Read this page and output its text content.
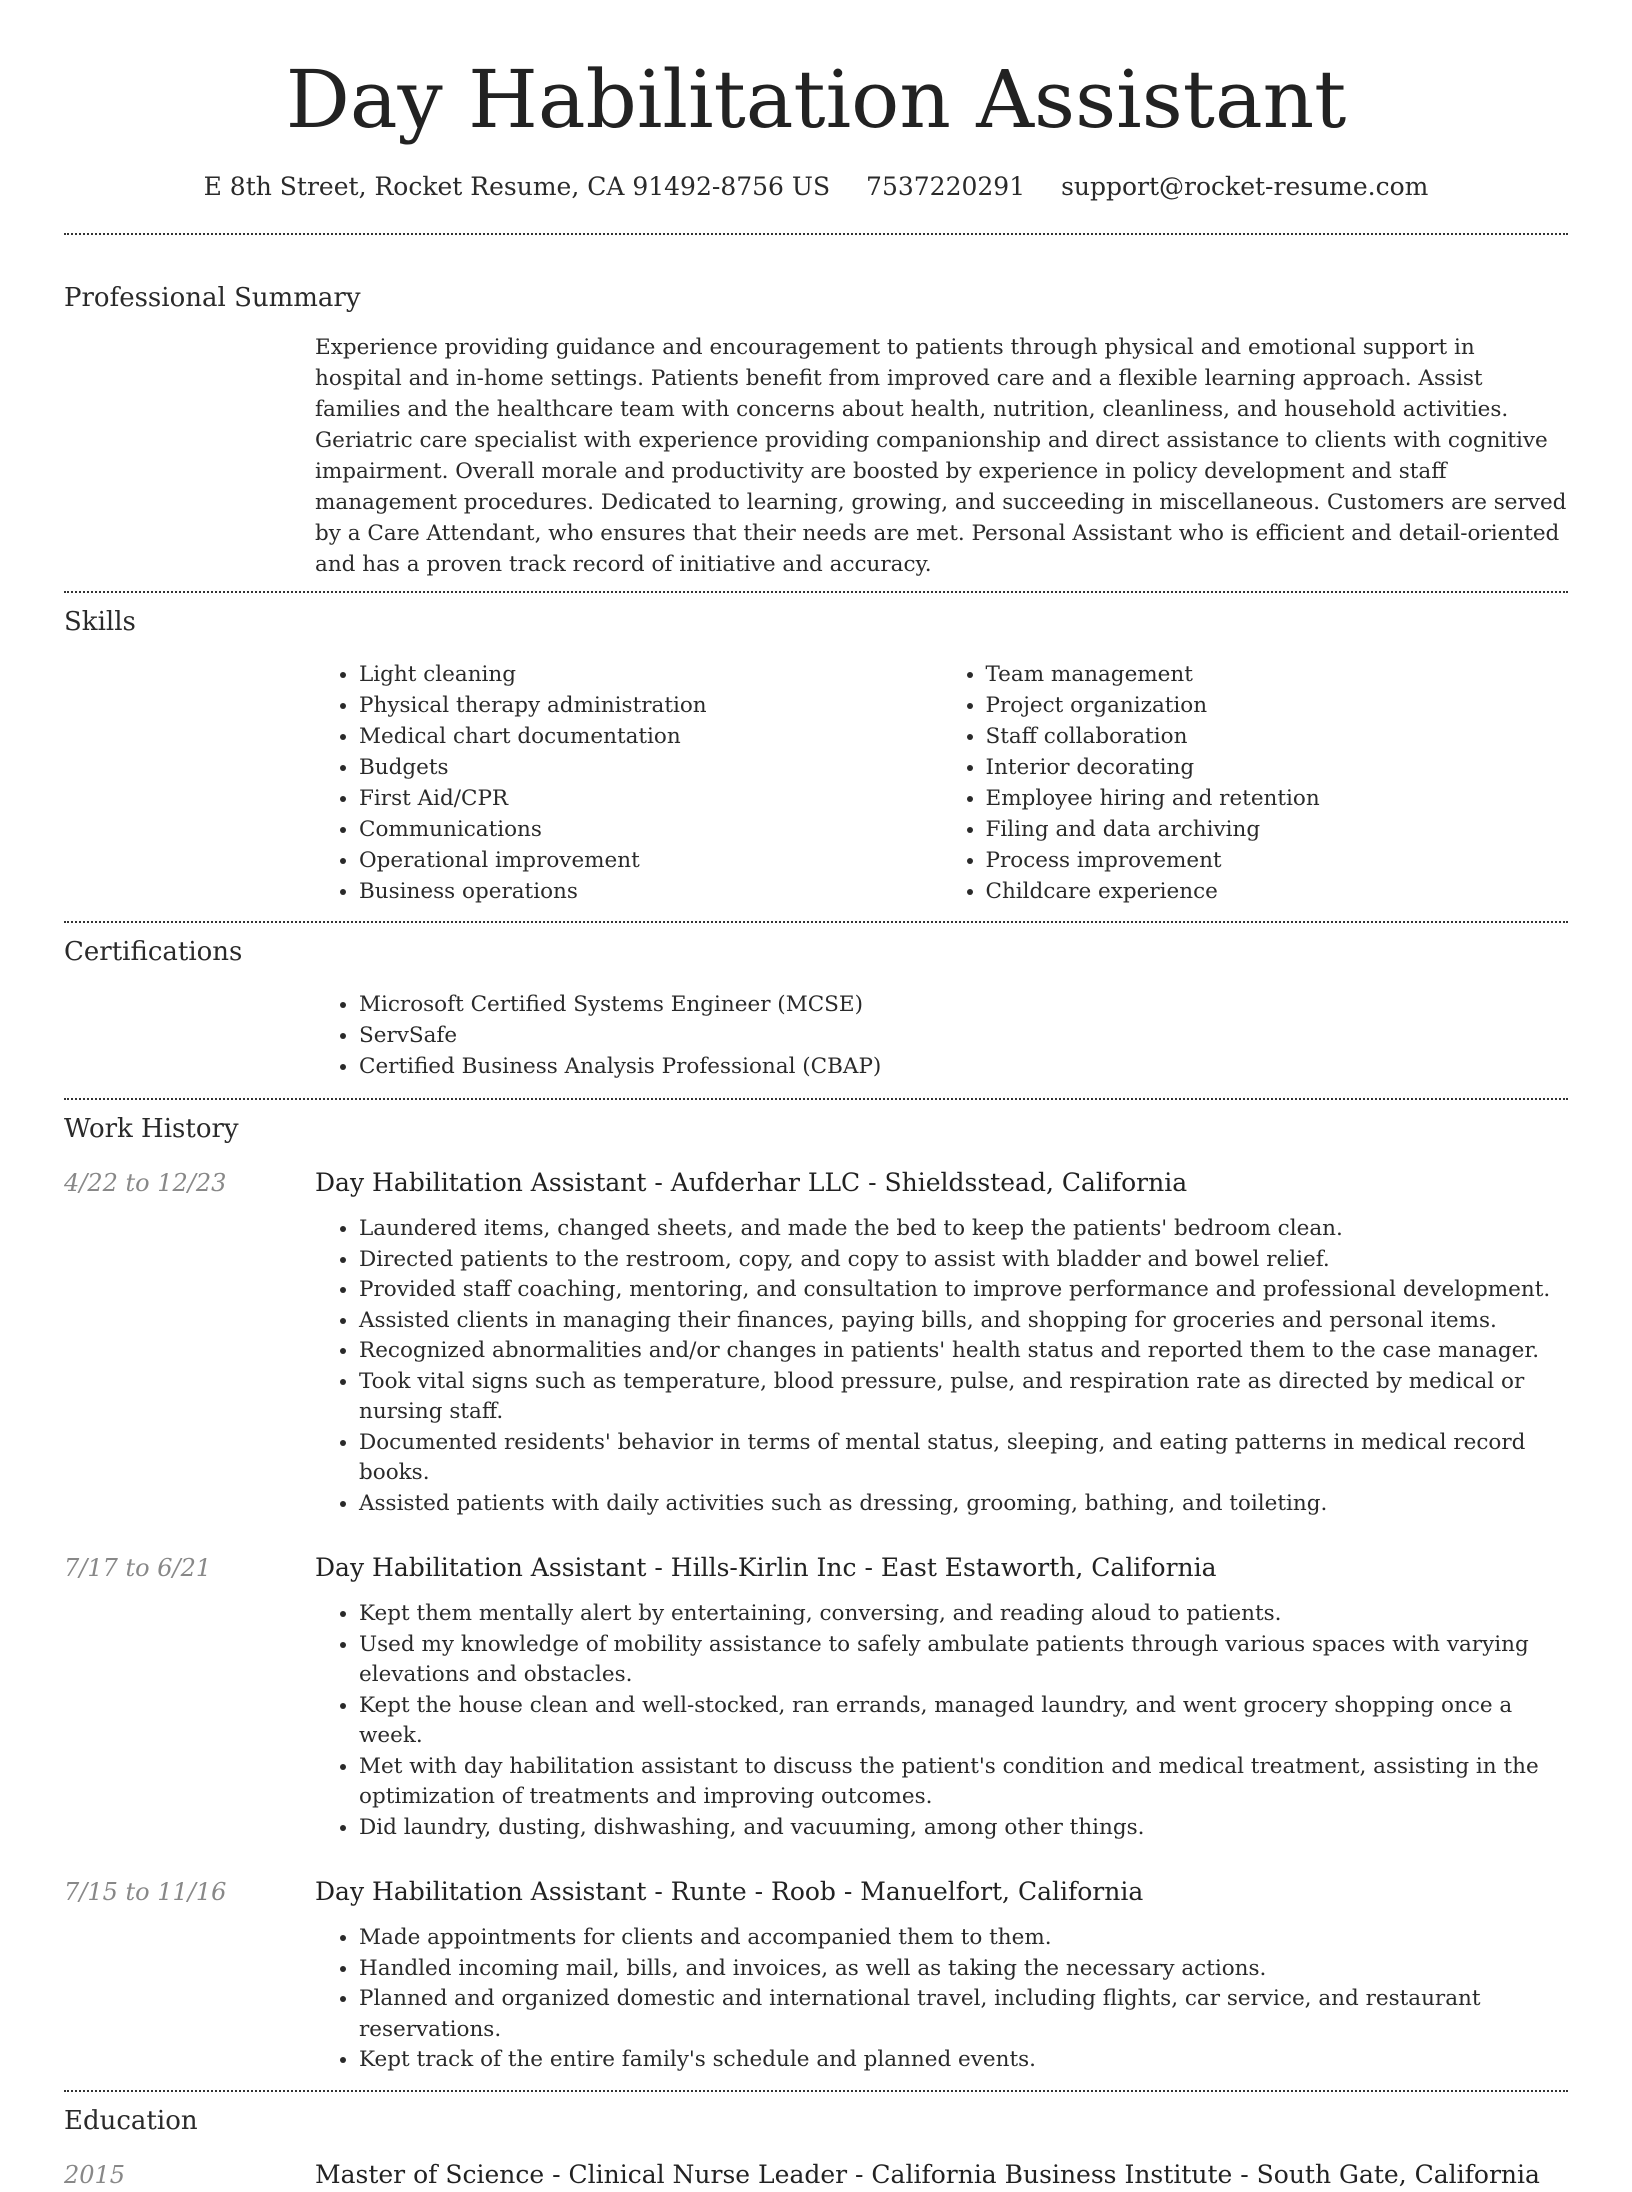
Day Habilitation Assistant
E 8th Street, Rocket Resume, CA 91492-8756 US 7537220291 support@rocket-resume.com
Professional Summary

Experience providing guidance and encouragement to patients through physical and emotional support in hospital and in-home settings. Patients benefit from improved care and a flexible learning approach. Assist families and the healthcare team with concerns about health, nutrition, cleanliness, and household activities. Geriatric care specialist with experience providing companionship and direct assistance to clients with cognitive impairment. Overall morale and productivity are boosted by experience in policy development and staff management procedures. Dedicated to learning, growing, and succeeding in miscellaneous. Customers are served by a Care Attendant, who ensures that their needs are met. Personal Assistant who is efficient and detail-oriented and has a proven track record of initiative and accuracy.

Skills
• Light cleaning
• Physical therapy administration
• Medical chart documentation
• Budgets
• First Aid/CPR
• Communications
• Operational improvement
• Business operations
• Team management
• Project organization
• Staff collaboration
• Interior decorating
• Employee hiring and retention
• Filing and data archiving
• Process improvement
• Childcare experience
Certifications
• Microsoft Certified Systems Engineer (MCSE)
• ServSafe
• Certified Business Analysis Professional (CBAP)
Work History
4/22 to 12/23	Day Habilitation Assistant - Aufderhar LLC - Shieldsstead, California
• Laundered items, changed sheets, and made the bed to keep the patients' bedroom clean.
• Directed patients to the restroom, copy, and copy to assist with bladder and bowel relief.
• Provided staff coaching, mentoring, and consultation to improve performance and professional development.
• Assisted clients in managing their finances, paying bills, and shopping for groceries and personal items.
• Recognized abnormalities and/or changes in patients' health status and reported them to the case manager.
• Took vital signs such as temperature, blood pressure, pulse, and respiration rate as directed by medical or nursing staff.
• Documented residents' behavior in terms of mental status, sleeping, and eating patterns in medical record books.
• Assisted patients with daily activities such as dressing, grooming, bathing, and toileting.
7/17 to 6/21	Day Habilitation Assistant - Hills-Kirlin Inc - East Estaworth, California
• Kept them mentally alert by entertaining, conversing, and reading aloud to patients.
• Used my knowledge of mobility assistance to safely ambulate patients through various spaces with varying elevations and obstacles.
• Kept the house clean and well-stocked, ran errands, managed laundry, and went grocery shopping once a week.
• Met with day habilitation assistant to discuss the patient's condition and medical treatment, assisting in the optimization of treatments and improving outcomes.
• Did laundry, dusting, dishwashing, and vacuuming, among other things.
7/15 to 11/16	Day Habilitation Assistant - Runte - Roob - Manuelfort, California
• Made appointments for clients and accompanied them to them.
• Handled incoming mail, bills, and invoices, as well as taking the necessary actions.
• Planned and organized domestic and international travel, including flights, car service, and restaurant reservations.
• Kept track of the entire family's schedule and planned events.
Education
2015	Master of Science - Clinical Nurse Leader - California Business Institute - South Gate, California
